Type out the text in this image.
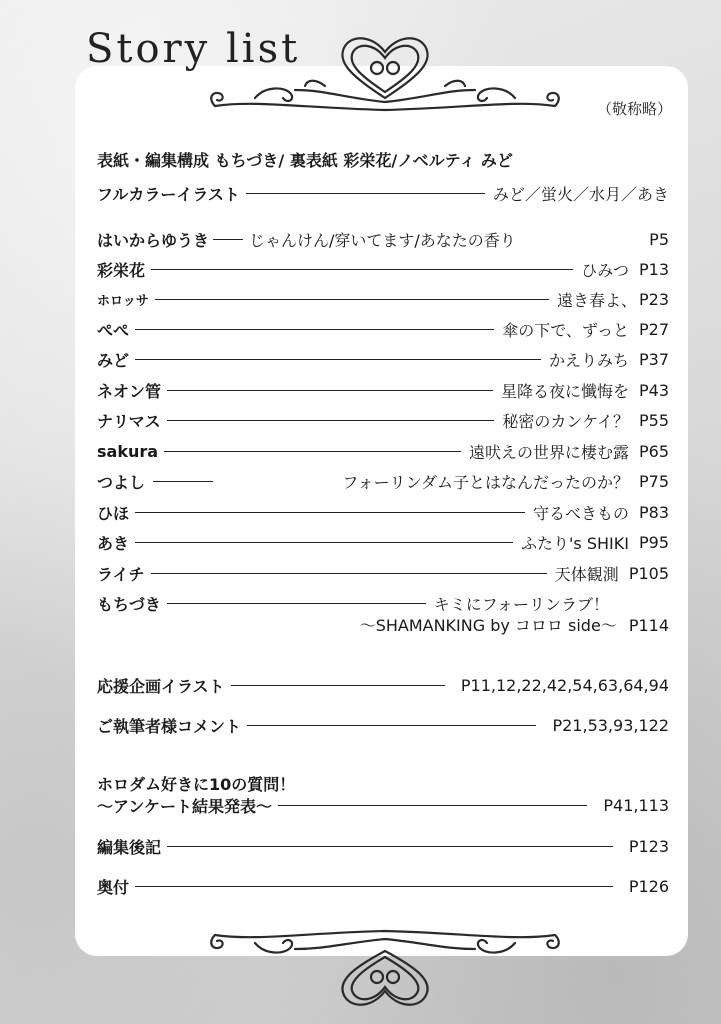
Story list
（敬称略）
表紙・編集構成 もちづき/ 裏表紙 彩栄花/ノベルティ みど
フルカラーイラスト	みど／蛍火／水月／あき
はいからゆうき	じゃんけん/穿いてます/あなたの香り	P5
彩栄花	ひみつ P13
ホロッサ	遠き春よ、 P23
ぺぺ	傘の下で、ずっと P27
みど	かえりみち P37
ネオン管	星降る夜に懺悔を P43
ナリマス	秘密のカンケイ？ P55
sakura	遠吠えの世界に棲む露 P65
つよし	フォーリンダム子とはなんだったのか？ P75
ひほ	守るべきもの P83
あき	ふたり's SHIKI P95
ライチ	天体観測 P105
もちづき	キミにフォーリンラブ！
～SHAMANKING by コロロ side～ P114
応援企画イラスト	P11,12,22,42,54,63,64,94
ご執筆者様コメント	P21,53,93,122
ホロダム好きに10の質問！
～アンケート結果発表～	P41,113
編集後記	P123
奥付	P126
